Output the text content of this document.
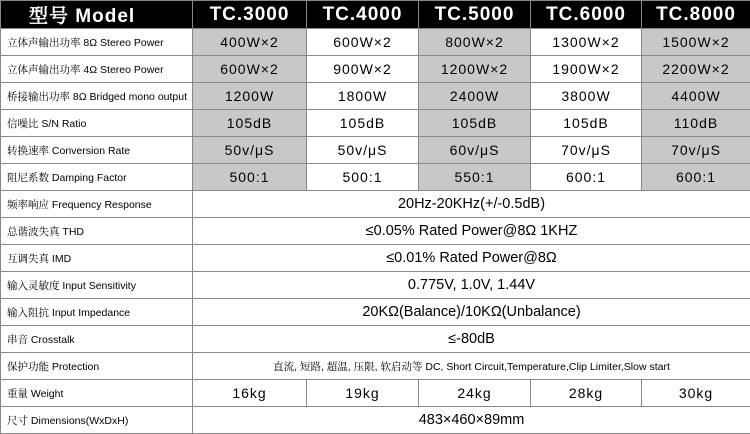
型号 Model	TC.3000	TC.4000	TC.5000	TC.6000	TC.8000
立体声输出功率 8Ω Stereo Power	400W×2	600W×2	800W×2	1300W×2	1500W×2
立体声输出功率 4Ω Stereo Power	600W×2	900W×2	1200W×2	1900W×2	2200W×2
桥接输出功率 8Ω Bridged mono output	1200W	1800W	2400W	3800W	4400W
信噪比 S/N Ratio	105dB	105dB	105dB	105dB	110dB
转换速率 Conversion Rate	50v/μS	50v/μS	60v/μS	70v/μS	70v/μS
阻尼系数 Damping Factor	500:1	500:1	550:1	600:1	600:1
频率响应 Frequency Response	20Hz-20KHz(+/-0.5dB)				
总谐波失真 THD	≤0.05% Rated Power@8Ω 1KHZ				
互调失真 IMD	≤0.01% Rated Power@8Ω				
输入灵敏度 Input Sensitivity	0.775V, 1.0V, 1.44V				
输入阻抗 Input Impedance	20KΩ(Balance)/10KΩ(Unbalance)				
串音 Crosstalk	≤-80dB				
保护功能 Protection	直流, 短路, 超温, 压限, 软启动等 DC, Short Circuit,Temperature,Clip Limiter,Slow start				
重量 Weight	16kg	19kg	24kg	28kg	30kg
尺寸 Dimensions(WxDxH)	483×460×89mm				
